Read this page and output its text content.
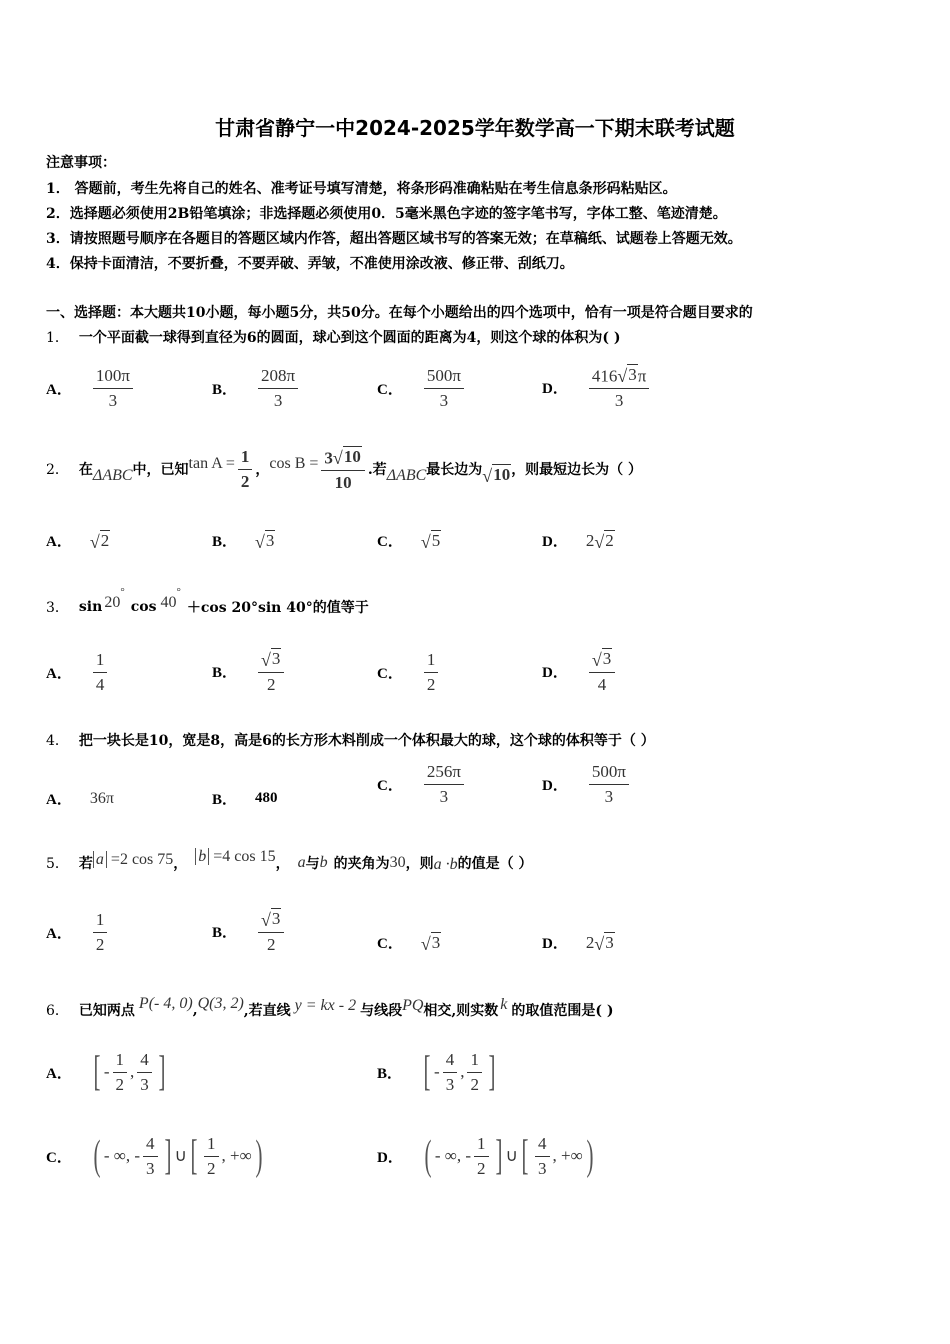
甘肃省静宁一中2024-2025学年数学高一下期末联考试题
注意事项：
1． 答题前，考生先将自己的姓名、准考证号填写清楚，将条形码准确粘贴在考生信息条形码粘贴区。
2．选择题必须使用2B铅笔填涂；非选择题必须使用0．5毫米黑色字迹的签字笔书写，字体工整、笔迹清楚。
3．请按照题号顺序在各题目的答题区域内作答，超出答题区域书写的答案无效；在草稿纸、试题卷上答题无效。
4．保持卡面清洁，不要折叠，不要弄破、弄皱，不准使用涂改液、修正带、刮纸刀。
一、选择题：本大题共10小题，每小题5分，共50分。在每个小题给出的四个选项中，恰有一项是符合题目要求的
1． 一个平面截一球得到直径为6的圆面，球心到这个圆面的距离为4，则这个球的体积为( )
A． $\frac{100\pi}{3}$	B． $\frac{208\pi}{3}$	C． $\frac{500\pi}{3}$	D． $\frac{416 √ 3 \pi}{3}$
2． 在 ΔABC 中，已知 $\tan A = \frac{1}{2}$ ， $\cos B = \frac{3 √ 10}{10}$ .若 ΔABC 最长边为 √ 10 ，则最短边长为（ ）
A． √ 2	B． √ 3	C． √ 5	D． 2 √ 2
3． sin 20°
cos 40°
＋cos 20°sin 40°的值等于
A． $\frac{1}{4}$	B． $\frac{√ 3}{2}$	C． $\frac{1}{2}$	D． $\frac{√ 3}{4}$
4． 把一块长是10，宽是8，高是6的长方形木料削成一个体积最大的球，这个球的体积等于（ ）
A． 36π	B． 480
C． $\frac{256\pi}{3}$	D． $\frac{500\pi}{3}$
5． 若 a =2 cos 75 ， b =4 cos 15 ， a 与 b 的夹角为 30 ，则 a ·b 的值是（ ）
A． $\frac{1}{2}$	B． $\frac{√ 3}{2}$	C． √ 3	D． 2 √ 3
6． 已知两点 P(- 4, 0) , Q(3, 2) ,若直线 y = kx - 2 与线段 PQ 相交,则实数 k 的取值范围是( )
A． [ - $\frac{1}{2}$ , $\frac{4}{3}$ ]	B． [ - $\frac{4}{3}$ , $\frac{1}{2}$ ]
C． ( - ∞, - $\frac{4}{3}$ ] ∪ [ $\frac{1}{2}$ , +∞ )	D． ( - ∞, - $\frac{1}{2}$ ] ∪ [ $\frac{4}{3}$ , +∞ )
